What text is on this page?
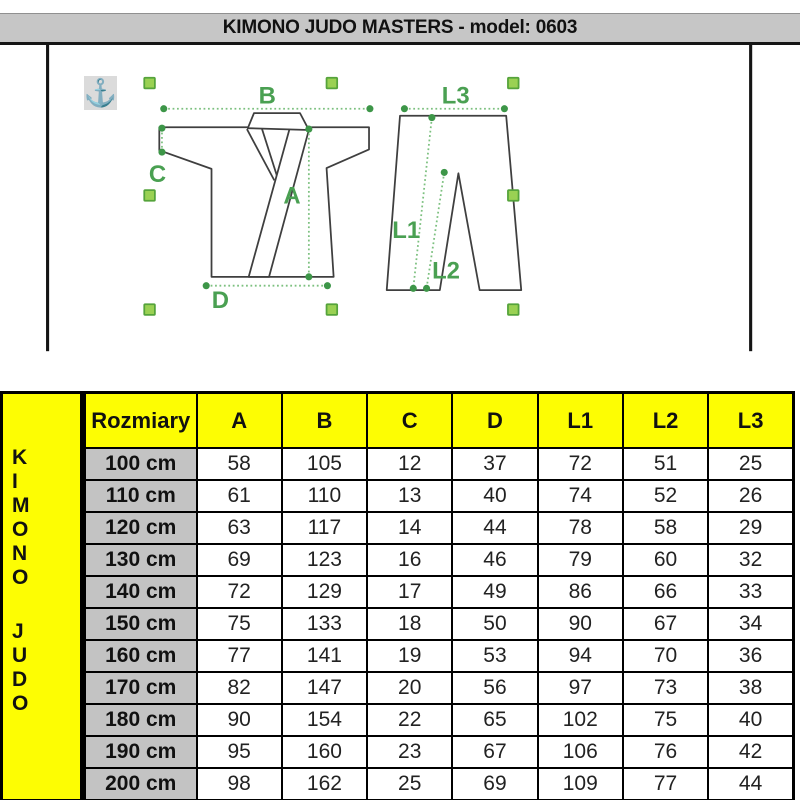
KIMONO JUDO MASTERS - model: 0603
B
C
A
D
L3
L1
L2
⚓
K
I
M
O
N
O
J
U
D
O
Rozmiary	A	B	C	D	L1	L2	L3
100 cm	58	105	12	37	72	51	25
110 cm	61	110	13	40	74	52	26
120 cm	63	117	14	44	78	58	29
130 cm	69	123	16	46	79	60	32
140 cm	72	129	17	49	86	66	33
150 cm	75	133	18	50	90	67	34
160 cm	77	141	19	53	94	70	36
170 cm	82	147	20	56	97	73	38
180 cm	90	154	22	65	102	75	40
190 cm	95	160	23	67	106	76	42
200 cm	98	162	25	69	109	77	44
